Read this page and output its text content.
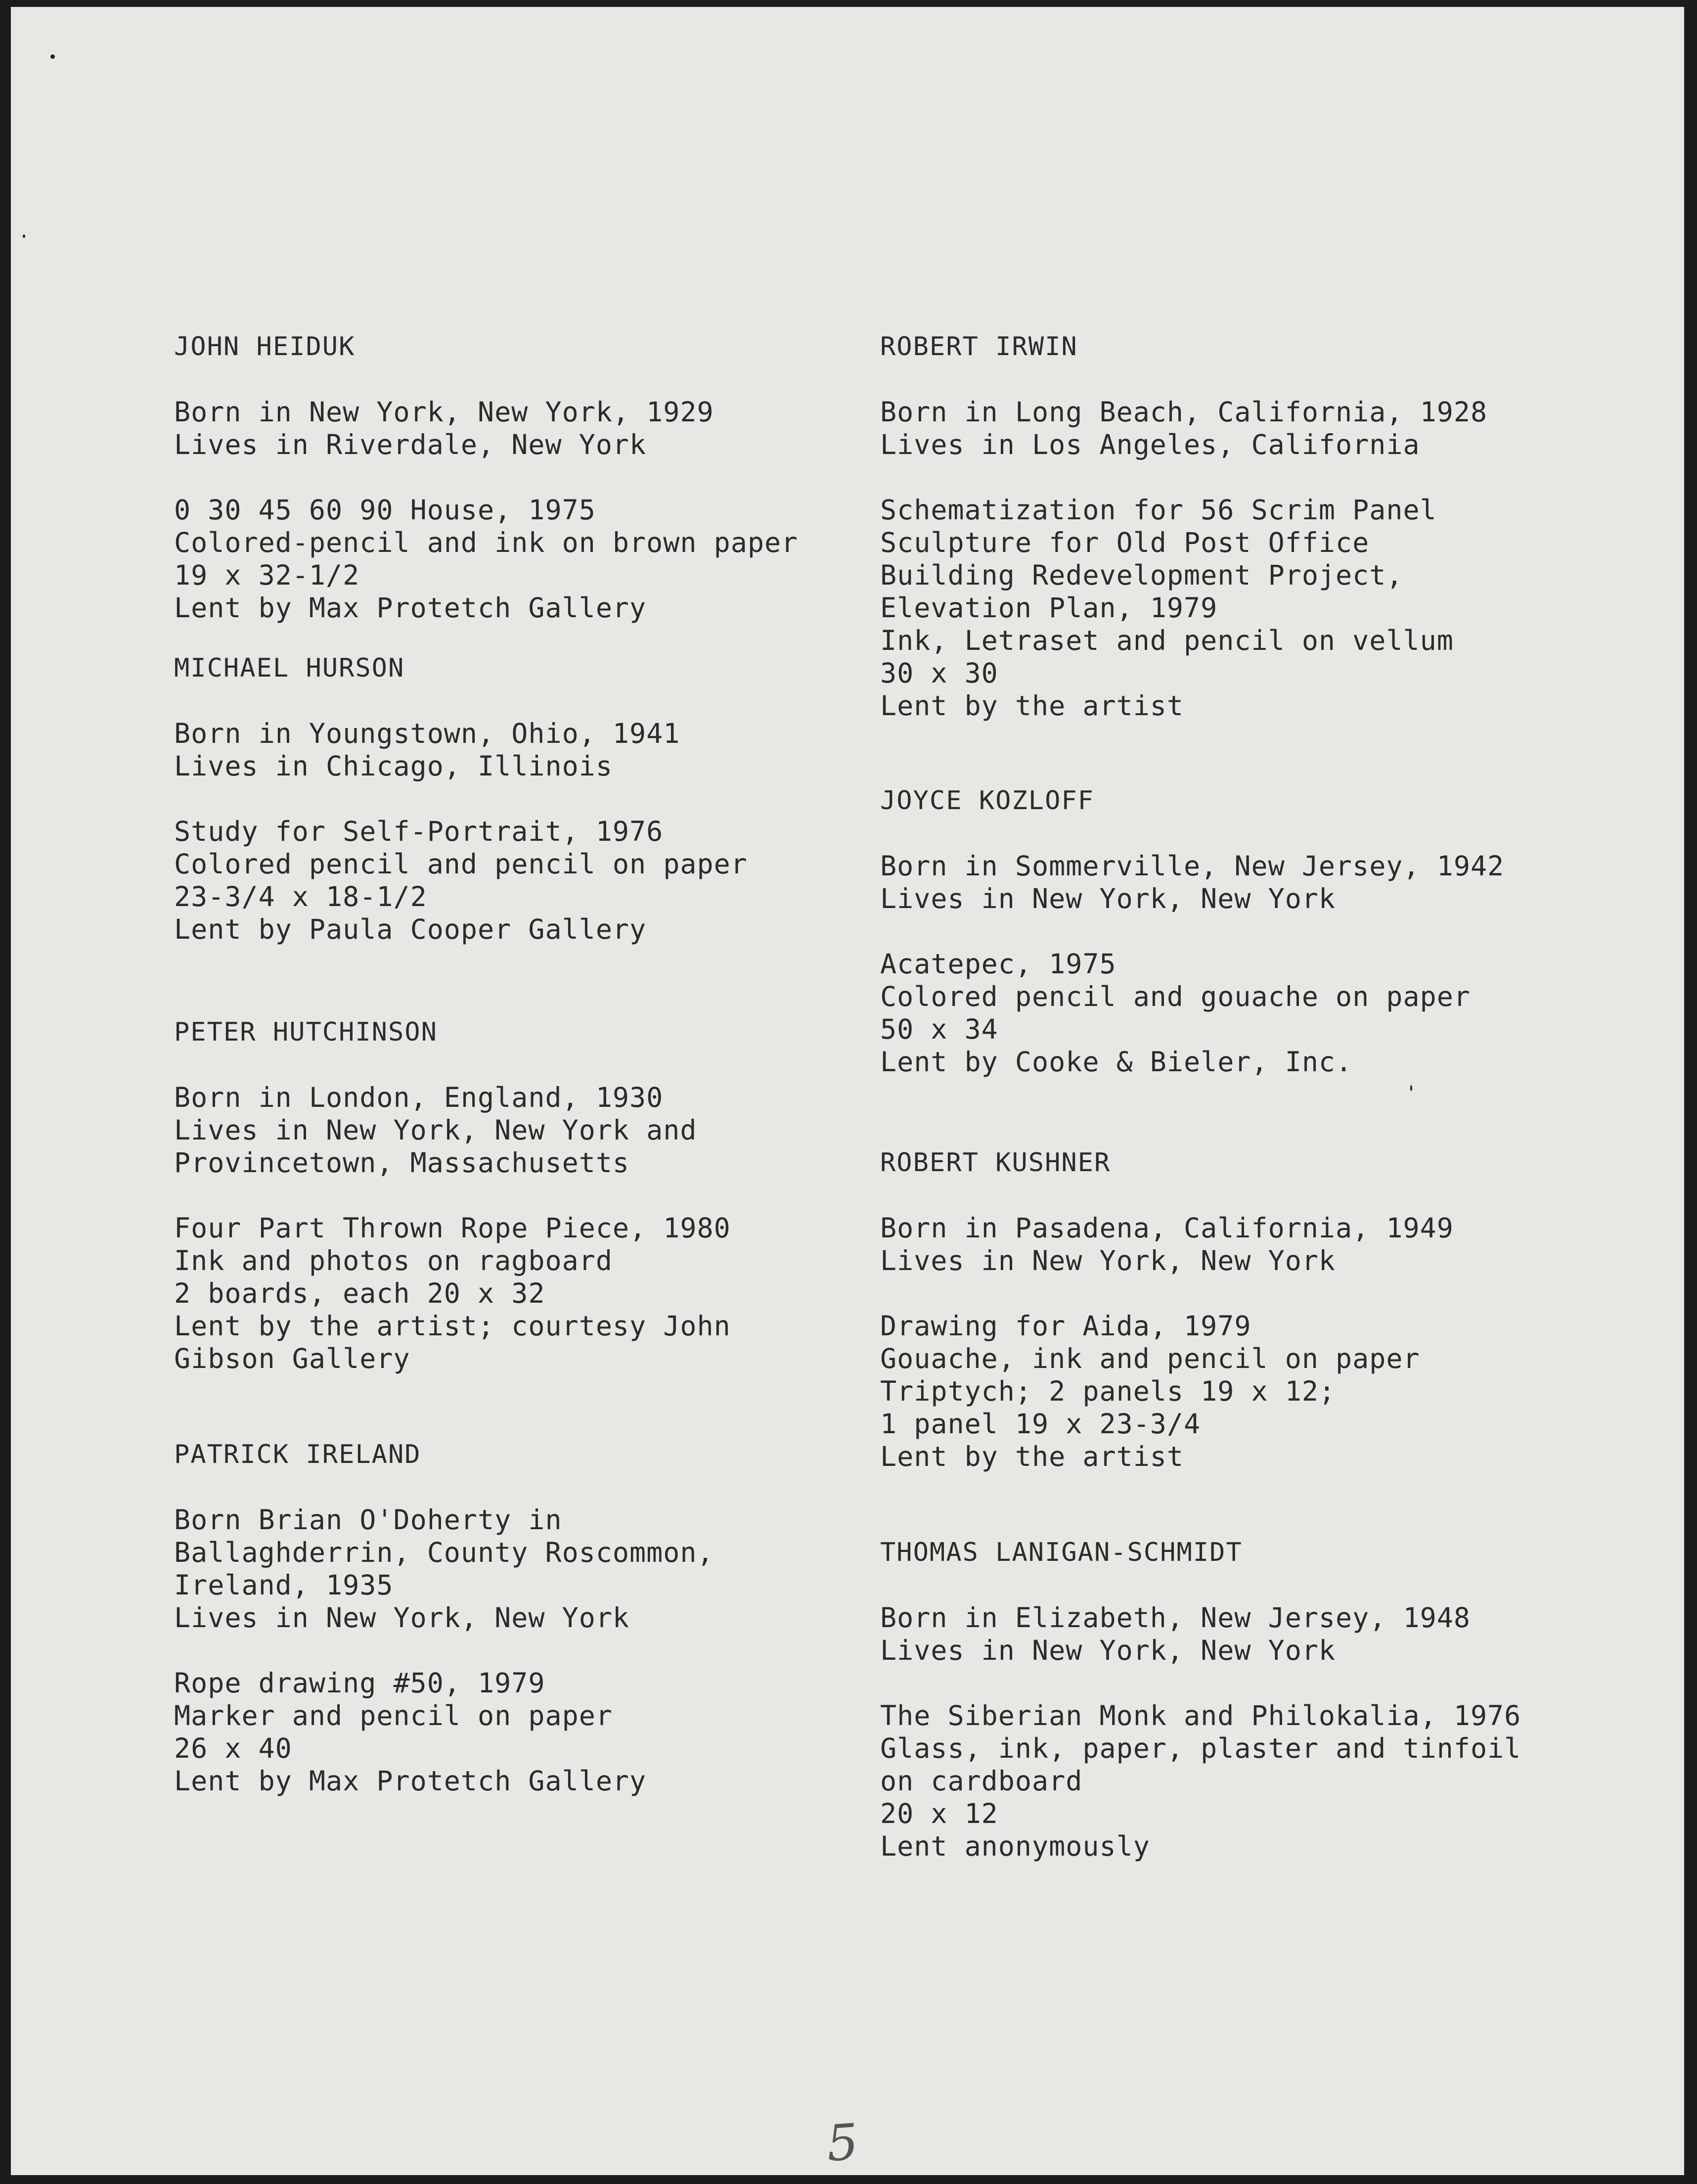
JOHN HEIDUK
Born in New York, New York, 1929
Lives in Riverdale, New York
0 30 45 60 90 House, 1975
Colored-pencil and ink on brown paper
19 x 32-1/2
Lent by Max Protetch Gallery
MICHAEL HURSON
Born in Youngstown, Ohio, 1941
Lives in Chicago, Illinois
Study for Self-Portrait, 1976
Colored pencil and pencil on paper
23-3/4 x 18-1/2
Lent by Paula Cooper Gallery
PETER HUTCHINSON
Born in London, England, 1930
Lives in New York, New York and
Provincetown, Massachusetts
Four Part Thrown Rope Piece, 1980
Ink and photos on ragboard
2 boards, each 20 x 32
Lent by the artist; courtesy John
Gibson Gallery
PATRICK IRELAND
Born Brian O'Doherty in
Ballaghderrin, County Roscommon,
Ireland, 1935
Lives in New York, New York
Rope drawing #50, 1979
Marker and pencil on paper
26 x 40
Lent by Max Protetch Gallery
ROBERT IRWIN
Born in Long Beach, California, 1928
Lives in Los Angeles, California
Schematization for 56 Scrim Panel
Sculpture for Old Post Office
Building Redevelopment Project,
Elevation Plan, 1979
Ink, Letraset and pencil on vellum
30 x 30
Lent by the artist
JOYCE KOZLOFF
Born in Sommerville, New Jersey, 1942
Lives in New York, New York
Acatepec, 1975
Colored pencil and gouache on paper
50 x 34
Lent by Cooke & Bieler, Inc.
ROBERT KUSHNER
Born in Pasadena, California, 1949
Lives in New York, New York
Drawing for Aida, 1979
Gouache, ink and pencil on paper
Triptych; 2 panels 19 x 12;
1 panel 19 x 23-3/4
Lent by the artist
THOMAS LANIGAN-SCHMIDT
Born in Elizabeth, New Jersey, 1948
Lives in New York, New York
The Siberian Monk and Philokalia, 1976
Glass, ink, paper, plaster and tinfoil
on cardboard
20 x 12
Lent anonymously
5
